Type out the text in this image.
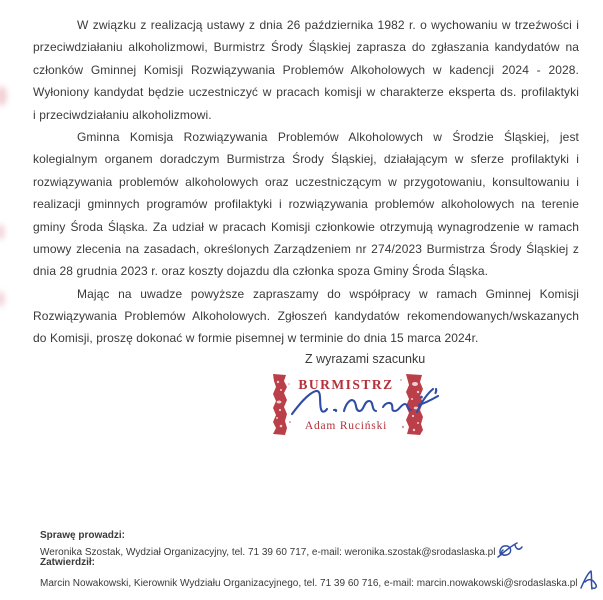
W związku z realizacją ustawy z dnia 26 października 1982 r. o wychowaniu w trzeźwości i
przeciwdziałaniu alkoholizmowi, Burmistrz Środy Śląskiej zaprasza do zgłaszania kandydatów na
członków Gminnej Komisji Rozwiązywania Problemów Alkoholowych w kadencji 2024 - 2028.
Wyłoniony kandydat będzie uczestniczyć w pracach komisji w charakterze eksperta ds. profilaktyki
i przeciwdziałaniu alkoholizmowi.
Gminna Komisja Rozwiązywania Problemów Alkoholowych w Środzie Śląskiej, jest
kolegialnym organem doradczym Burmistrza Środy Śląskiej, działającym w sferze profilaktyki i
rozwiązywania problemów alkoholowych oraz uczestniczącym w przygotowaniu, konsultowaniu i
realizacji gminnych programów profilaktyki i rozwiązywania problemów alkoholowych na terenie
gminy Środa Śląska. Za udział w pracach Komisji członkowie otrzymują wynagrodzenie w ramach
umowy zlecenia na zasadach, określonych Zarządzeniem nr 274/2023 Burmistrza Środy Śląskiej z
dnia 28 grudnia 2023 r. oraz koszty dojazdu dla członka spoza Gminy Środa Śląska.
Mając na uwadze powyższe zapraszamy do współpracy w ramach Gminnej Komisji
Rozwiązywania Problemów Alkoholowych. Zgłoszeń kandydatów rekomendowanych/wskazanych
do Komisji, proszę dokonać w formie pisemnej w terminie do dnia 15 marca 2024r.
Z wyrazami szacunku
BURMISTRZ
Adam Ruciński
Sprawę prowadzi:
Weronika Szostak, Wydział Organizacyjny, tel. 71 39 60 717, e-mail: weronika.szostak@srodaslaska.pl
Zatwierdził:
Marcin Nowakowski, Kierownik Wydziału Organizacyjnego, tel. 71 39 60 716, e-mail: marcin.nowakowski@srodaslaska.pl
